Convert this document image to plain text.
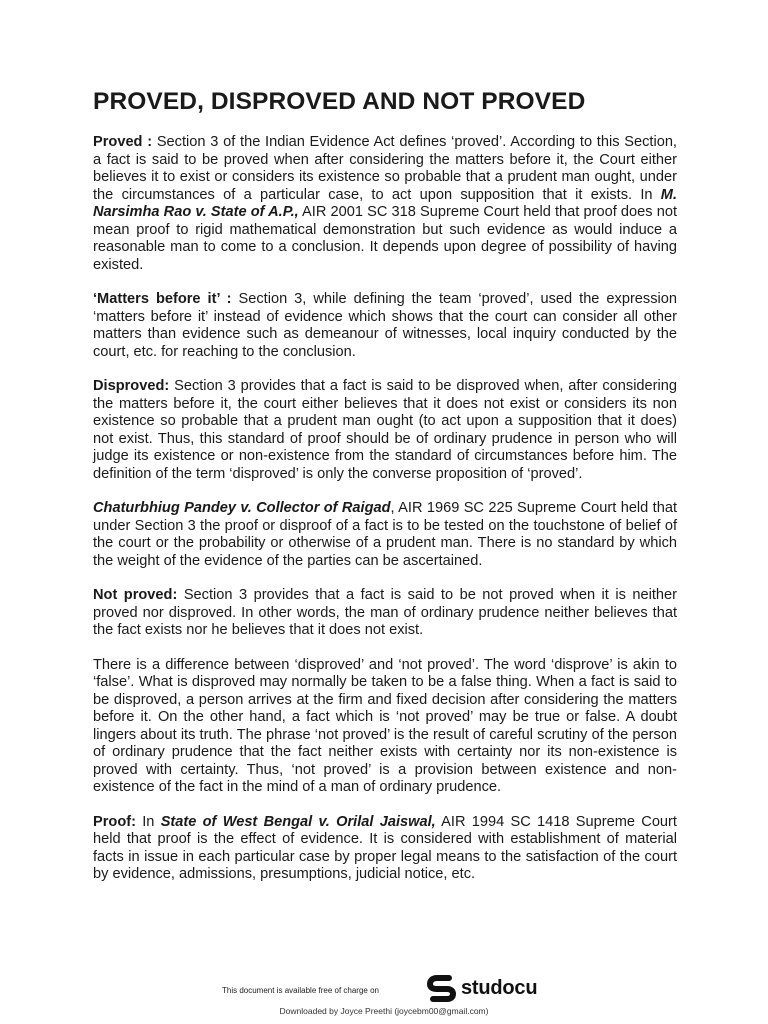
PROVED, DISPROVED AND NOT PROVED

Proved : Section 3 of the Indian Evidence Act defines ‘proved’. According to this Section, a fact is said to be proved when after considering the matters before it, the Court either believes it to exist or considers its existence so probable that a prudent man ought, under the circumstances of a particular case, to act upon supposition that it exists. In M. Narsimha Rao v. State of A.P., AIR 2001 SC 318 Supreme Court held that proof does not mean proof to rigid mathematical demonstration but such evidence as would induce a reasonable man to come to a conclusion. It depends upon degree of possibility of having existed.

‘Matters before it’ : Section 3, while defining the team ‘proved’, used the expression ‘matters before it’ instead of evidence which shows that the court can consider all other matters than evidence such as demeanour of witnesses, local inquiry conducted by the court, etc. for reaching to the conclusion.

Disproved: Section 3 provides that a fact is said to be disproved when, after considering the matters before it, the court either believes that it does not exist or considers its non existence so probable that a prudent man ought (to act upon a supposition that it does) not exist. Thus, this standard of proof should be of ordinary prudence in person who will judge its existence or non-existence from the standard of circumstances before him. The definition of the term ‘disproved’ is only the converse proposition of ‘proved’.

Chaturbhiug Pandey v. Collector of Raigad, AIR 1969 SC 225 Supreme Court held that under Section 3 the proof or disproof of a fact is to be tested on the touchstone of belief of the court or the probability or otherwise of a prudent man. There is no standard by which the weight of the evidence of the parties can be ascertained.

Not proved: Section 3 provides that a fact is said to be not proved when it is neither proved nor disproved. In other words, the man of ordinary prudence neither believes that the fact exists nor he believes that it does not exist.

There is a difference between ‘disproved’ and ‘not proved’. The word ‘disprove’ is akin to ‘false’. What is disproved may normally be taken to be a false thing. When a fact is said to be disproved, a person arrives at the firm and fixed decision after considering the matters before it. On the other hand, a fact which is ‘not proved’ may be true or false. A doubt lingers about its truth. The phrase ‘not proved’ is the result of careful scrutiny of the person of ordinary prudence that the fact neither exists with certainty nor its non-existence is proved with certainty. Thus, ‘not proved’ is a provision between existence and non-existence of the fact in the mind of a man of ordinary prudence.

Proof: In State of West Bengal v. Orilal Jaiswal, AIR 1994 SC 1418 Supreme Court held that proof is the effect of evidence. It is considered with establishment of material facts in issue in each particular case by proper legal means to the satisfaction of the court by evidence, admissions, presumptions, judicial notice, etc.

This document is available free of charge on	studocu
Downloaded by Joyce Preethi (joycebm00@gmail.com)
